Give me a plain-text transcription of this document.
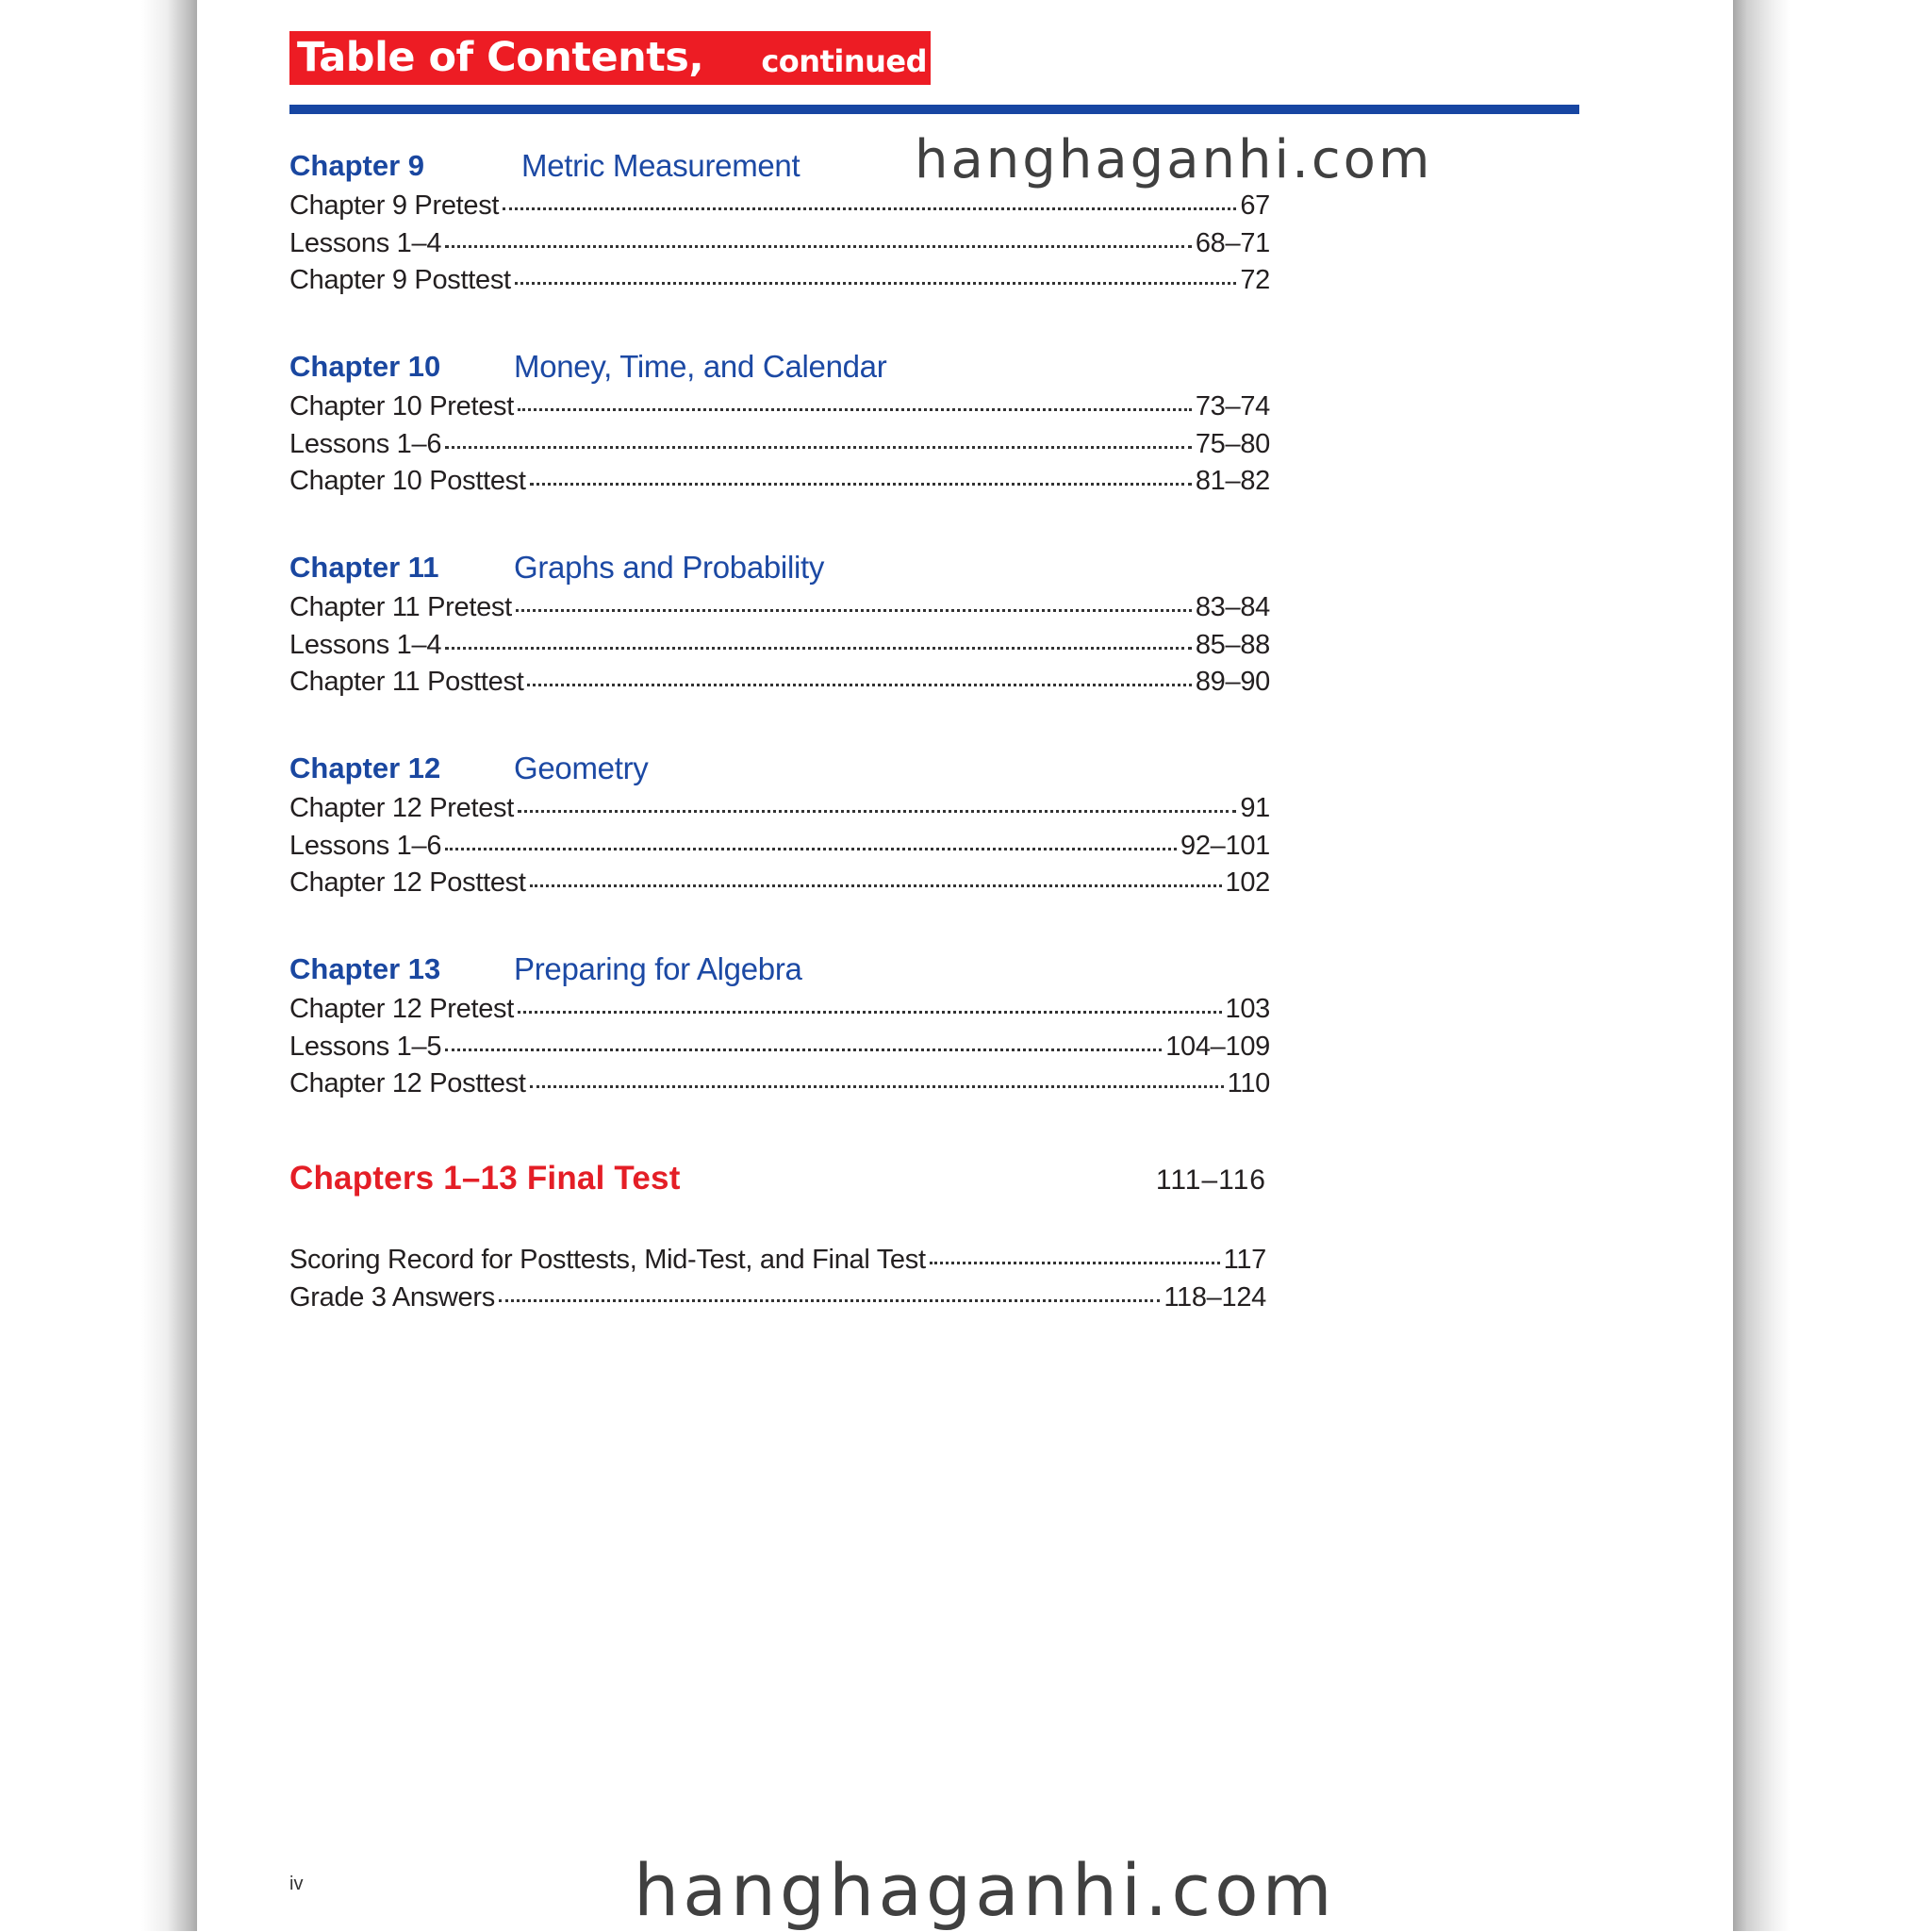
Table of Contents, continued
Chapter 9	Metric Measurement
Chapter 9 Pretest	67
Lessons 1–4	68–71
Chapter 9 Posttest	72
Chapter 10 Money, Time, and Calendar
Chapter 10 Pretest	73–74
Lessons 1–6	75–80
Chapter 10 Posttest	81–82
Chapter 11 Graphs and Probability
Chapter 11 Pretest	83–84
Lessons 1–4	85–88
Chapter 11 Posttest	89–90
Chapter 12 Geometry
Chapter 12 Pretest	91
Lessons 1–6	92–101
Chapter 12 Posttest	102
Chapter 13 Preparing for Algebra
Chapter 12 Pretest	103
Lessons 1–5	104–109
Chapter 12 Posttest	110
Chapters 1–13 Final Test	111–116
Scoring Record for Posttests, Mid-Test, and Final Test	117
Grade 3 Answers	118–124
iv
hanghaganhi.com
hanghaganhi.com
